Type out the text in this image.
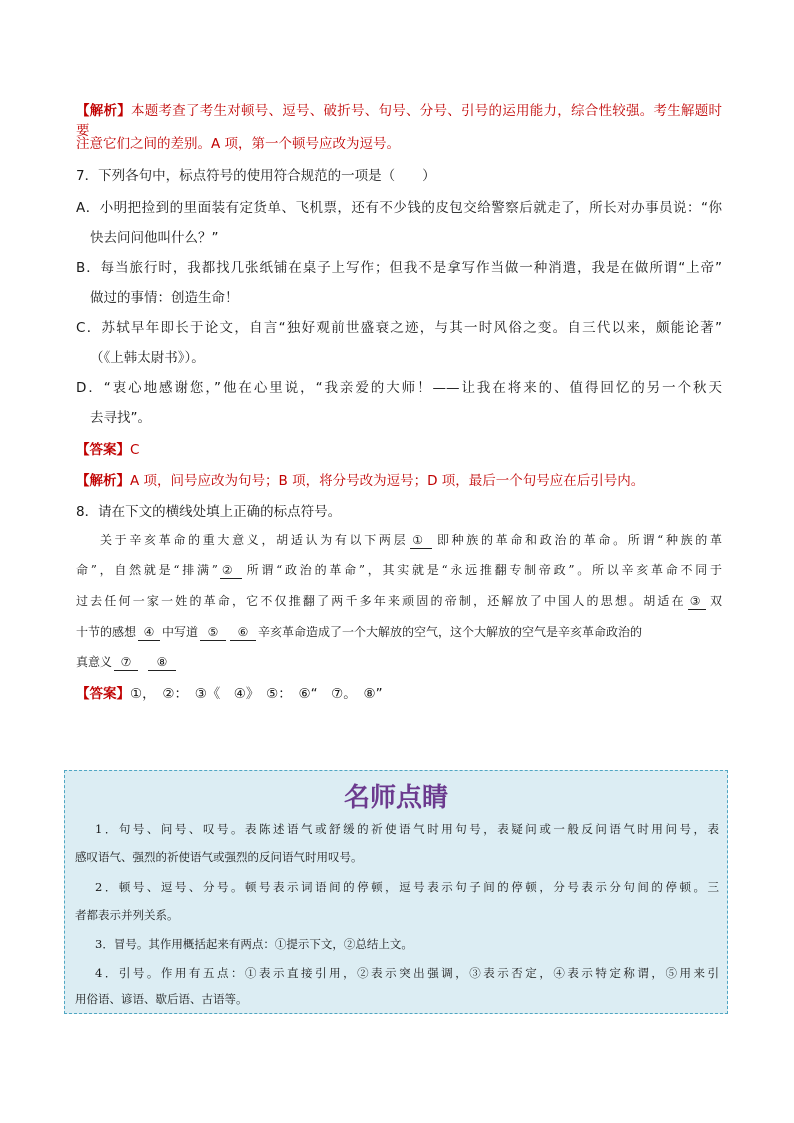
【解析】本题考查了考生对顿号、逗号、破折号、句号、分号、引号的运用能力，综合性较强。考生解题时要
注意它们之间的差别。A 项，第一个顿号应改为逗号。
7．下列各句中，标点符号的使用符合规范的一项是（　　）
A．小明把捡到的里面装有定货单、飞机票，还有不少钱的皮包交给警察后就走了，所长对办事员说：“你
快去问问他叫什么？”
B．每当旅行时，我都找几张纸铺在桌子上写作；但我不是拿写作当做一种消遣，我是在做所谓“上帝”
做过的事情：创造生命！
C．苏轼早年即长于论文，自言“独好观前世盛衰之迹，与其一时风俗之变。自三代以来，颇能论著”
（《上韩太尉书》）。
D．“衷心地感谢您，”他在心里说，“我亲爱的大师！——让我在将来的、值得回忆的另一个秋天
去寻找”。
【答案】C
【解析】A 项，问号应改为句号；B 项，将分号改为逗号；D 项，最后一个句号应在后引号内。
8．请在下文的横线处填上正确的标点符号。
关于辛亥革命的重大意义，胡适认为有以下两层 ① 即种族的革命和政治的革命。所谓“种族的革
命”，自然就是“排满” ② 所谓“政治的革命”，其实就是“永远推翻专制帝政”。所以辛亥革命不同于
过去任何一家一姓的革命，它不仅推翻了两千多年来顽固的帝制，还解放了中国人的思想。胡适在 ③ 双
十节的感想 ④ 中写道 ⑤ ⑥ 辛亥革命造成了一个大解放的空气，这个大解放的空气是辛亥革命政治的
真意义 ⑦ ⑧
【答案】①，　②：　③《　④》　⑤：　⑥“　⑦。　⑧”
名师点睛
1．句号、问号、叹号。表陈述语气或舒缓的祈使语气时用句号，表疑问或一般反问语气时用问号，表
感叹语气、强烈的祈使语气或强烈的反问语气时用叹号。
2．顿号、逗号、分号。顿号表示词语间的停顿，逗号表示句子间的停顿，分号表示分句间的停顿。三
者都表示并列关系。
3．冒号。其作用概括起来有两点：①提示下文，②总结上文。
4．引号。作用有五点：①表示直接引用，②表示突出强调，③表示否定，④表示特定称谓，⑤用来引
用俗语、谚语、歇后语、古语等。
